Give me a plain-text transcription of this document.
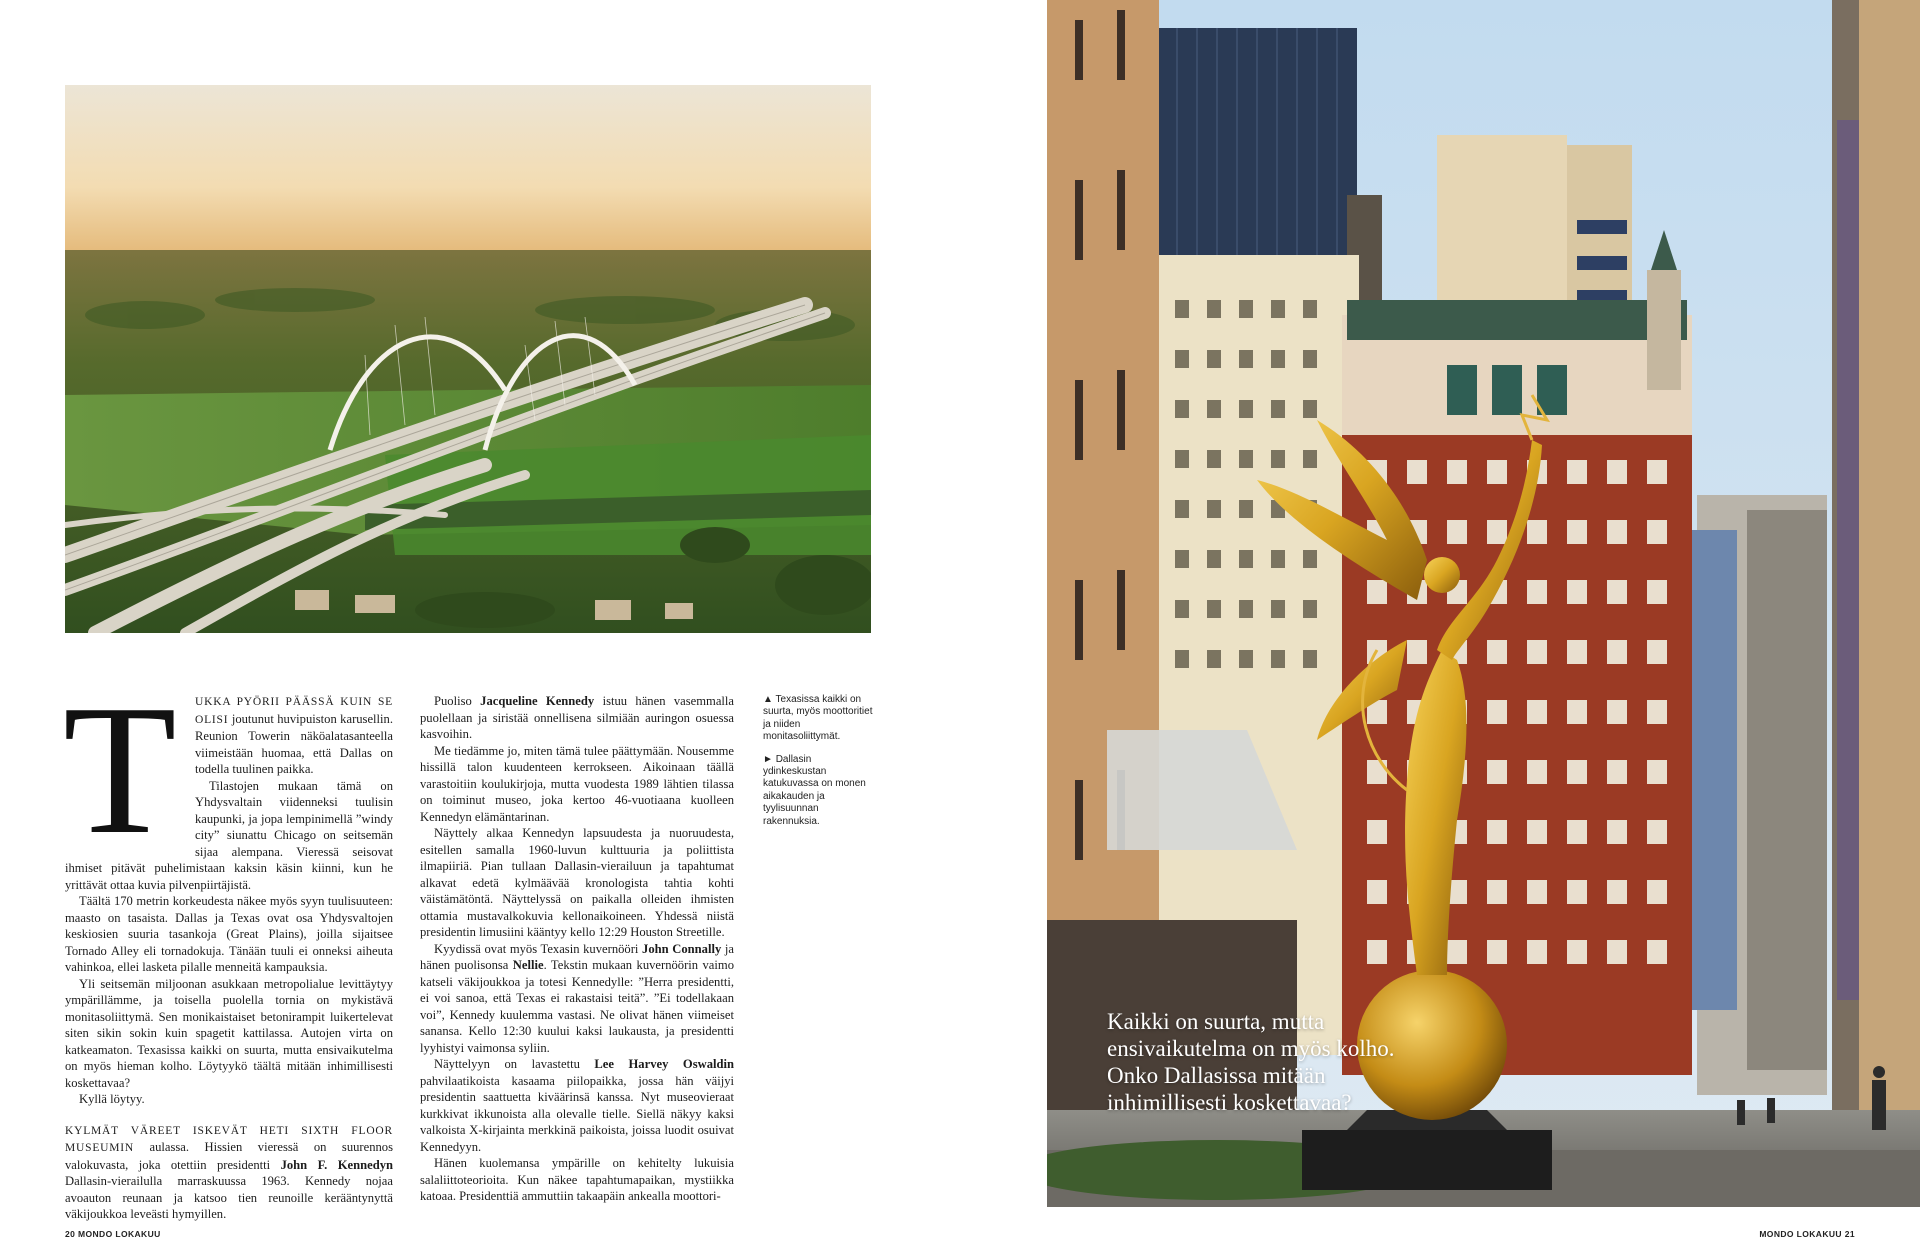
T	UKKA PYÖRII PÄÄSSÄ KUIN SE OLISI joutunut huvipuiston karusellin. Reunion Towerin näköalatasanteella viimeistään huomaa, että Dallas on todella tuulinen paikka.

Tilastojen mukaan tämä on Yhdysvaltain viidenneksi tuulisin kaupunki, ja jopa lempinimellä ”windy city” siunattu Chicago on seitsemän sijaa alempana. Vieressä seisovat ihmiset pitävät puhelimistaan kaksin käsin kiinni, kun he yrittävät ottaa kuvia pilvenpiirtäjistä.

Täältä 170 metrin korkeudesta näkee myös syyn tuulisuuteen: maasto on tasaista. Dallas ja Texas ovat osa Yhdysvaltojen keskiosien suuria tasankoja (Great Plains), joilla sijaitsee Tornado Alley eli tornadokuja. Tänään tuuli ei onneksi aiheuta vahinkoa, ellei lasketa pilalle menneitä kampauksia.

Yli seitsemän miljoonan asukkaan metropolialue levittäytyy ympärillämme, ja toisella puolella tornia on mykistävä monitasoliittymä. Sen monikaistaiset betonirampit luikertelevat siten sikin sokin kuin spagetit kattilassa. Autojen virta on katkeamaton. Texasissa kaikki on suurta, mutta ensivaikutelma on myös hieman kolho. Löytyykö täältä mitään inhimillisesti koskettavaa?

Kyllä löytyy.

KYLMÄT VÄREET ISKEVÄT HETI SIXTH FLOOR MUSEUMIN aulassa. Hissien vieressä on suurennos valokuvasta, joka otettiin presidentti John F. Kennedyn Dallasin-vierailulla marraskuussa 1963. Kennedy nojaa avoauton reunaan ja katsoo tien reunoille kerääntynyttä väkijoukkoa leveästi hymyillen.

Puoliso Jacqueline Kennedy istuu hänen vasemmalla puolellaan ja siristää onnellisena silmiään auringon osuessa kasvoihin.

Me tiedämme jo, miten tämä tulee päättymään. Nousemme hissillä talon kuudenteen kerrokseen. Aikoinaan täällä varastoitiin koulukirjoja, mutta vuodesta 1989 lähtien tilassa on toiminut museo, joka kertoo 46-vuotiaana kuolleen Kennedyn elämäntarinan.

Näyttely alkaa Kennedyn lapsuudesta ja nuoruudesta, esitellen samalla 1960-luvun kulttuuria ja poliittista ilmapiiriä. Pian tullaan Dallasin-vierailuun ja tapahtumat alkavat edetä kylmäävää kronologista tahtia kohti väistämätöntä. Näyttelyssä on paikalla olleiden ihmisten ottamia mustavalkokuvia kellonaikoineen. Yhdessä niistä presidentin limusiini kääntyy kello 12:29 Houston Streetille.

Kyydissä ovat myös Texasin kuvernööri John Connally ja hänen puolisonsa Nellie. Tekstin mukaan kuvernöörin vaimo katseli väkijoukkoa ja totesi Kennedylle: ”Herra presidentti, ei voi sanoa, että Texas ei rakastaisi teitä”. ”Ei todellakaan voi”, Kennedy kuulemma vastasi. Ne olivat hänen viimeiset sanansa. Kello 12:30 kuului kaksi laukausta, ja presidentti lyyhistyi vaimonsa syliin.

Näyttelyyn on lavastettu Lee Harvey Oswaldin pahvilaatikoista kasaama piilopaikka, jossa hän väijyi presidentin saattuetta kiväärinsä kanssa. Nyt museovieraat kurkkivat ikkunoista alla olevalle tielle. Siellä näkyy kaksi valkoista X-kirjainta merkkinä paikoista, joissa luodit osuivat Kennedyyn.

Hänen kuolemansa ympärille on kehitelty lukuisia salaliittoteorioita. Kun näkee tapahtumapaikan, mystiikka katoaa. Presidenttiä ammuttiin takaapäin ankealla moottori-

▲ Texasissa kaikki on suurta, myös moottoritiet ja niiden monitasoliittymät.

► Dallasin ydinkeskustan katukuvassa on monen aikakauden ja tyylisuunnan rakennuksia.

20 MONDO LOKAKUU
Kaikki on suurta, mutta ensivaikutelma on myös kolho. Onko Dallasissa mitään inhimillisesti koskettavaa?
MONDO LOKAKUU 21
